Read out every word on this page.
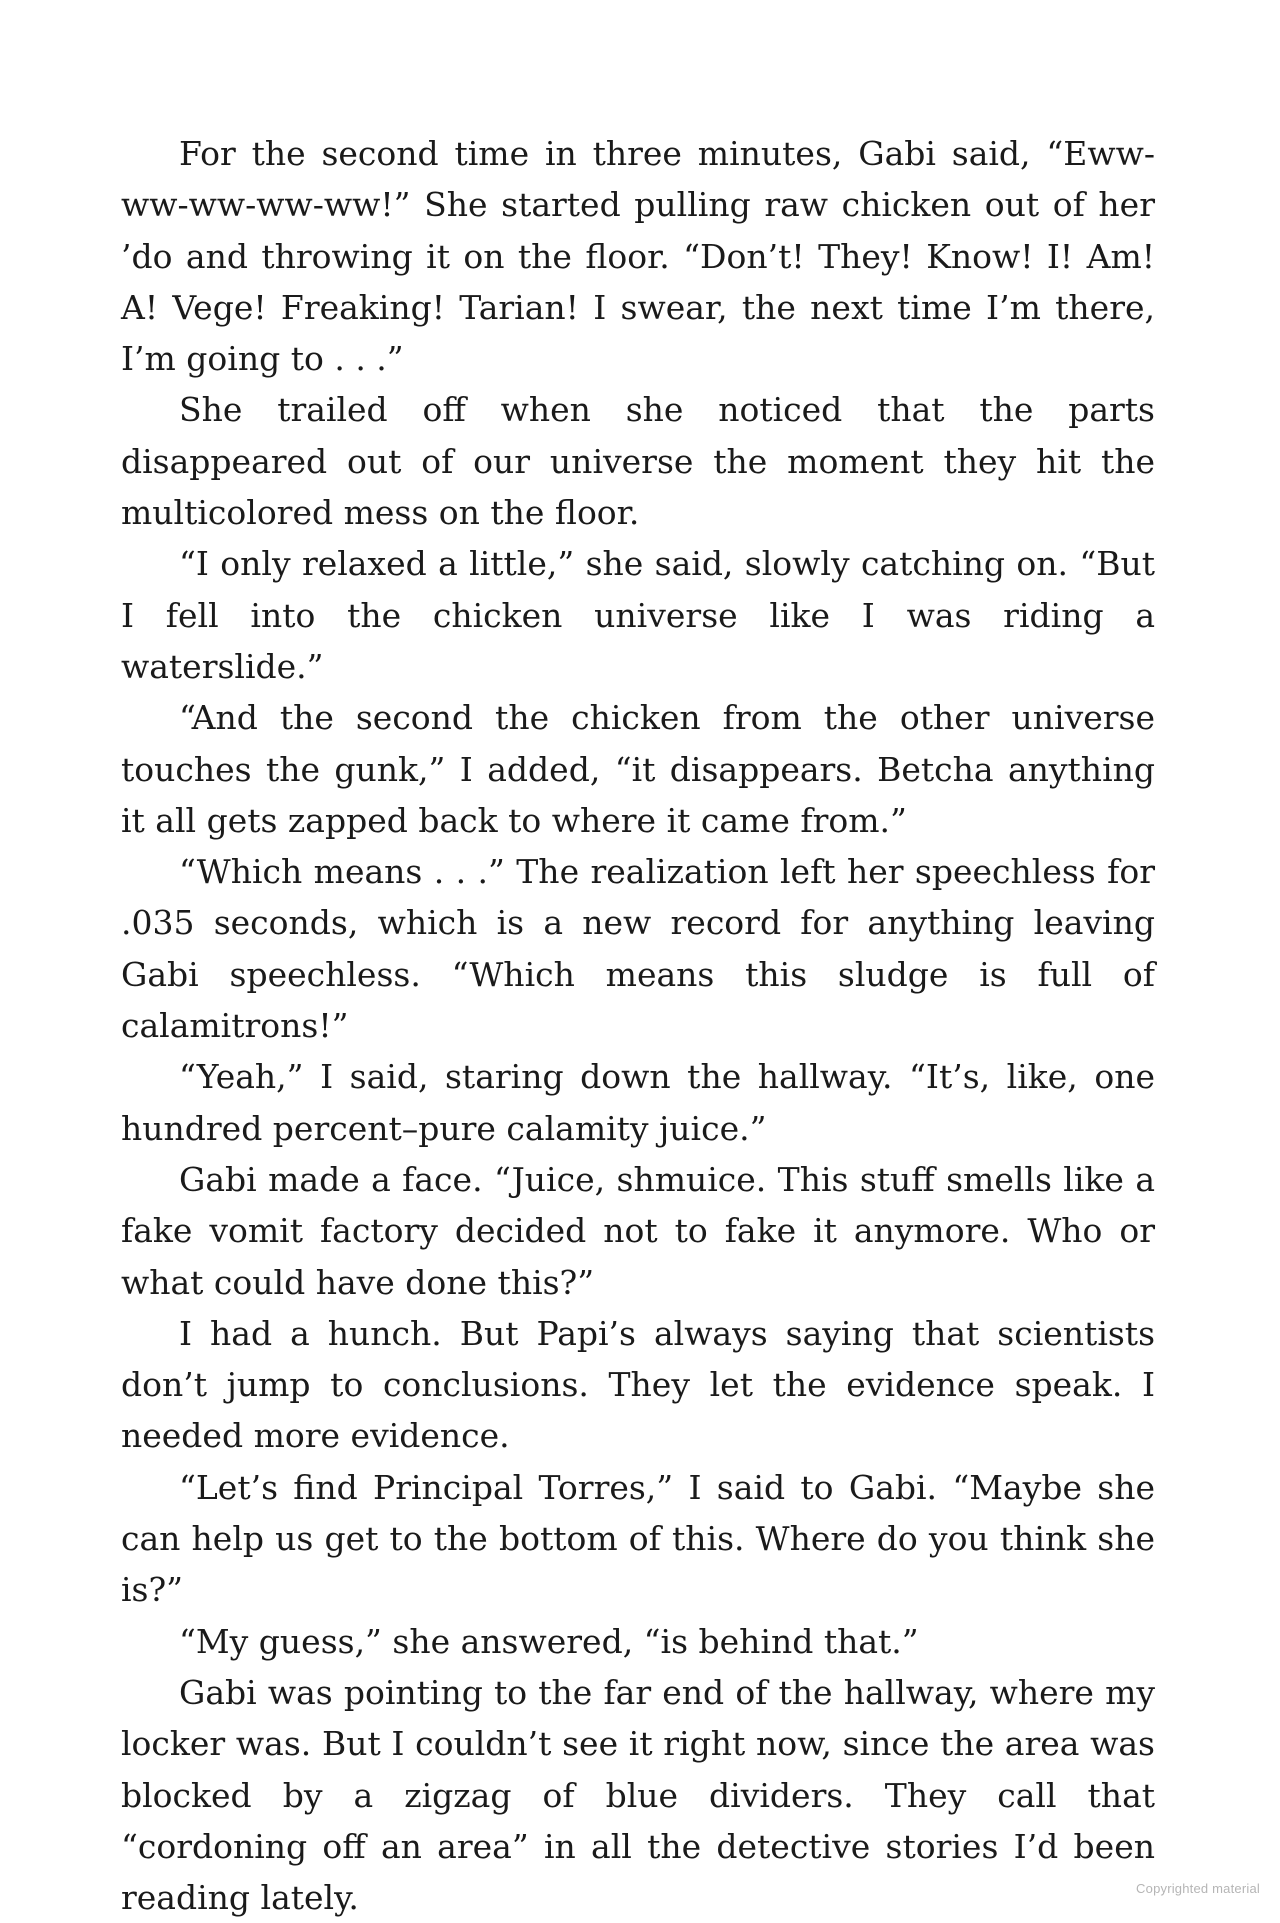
For the second time in three minutes, Gabi said, “Eww-ww-ww-ww-ww!” She started pulling raw chicken out of her ’do and throwing it on the floor. “Don’t! They! Know! I! Am! A! Vege! Freaking! Tarian! I swear, the next time I’m there, I’m going to . . .”

She trailed off when she noticed that the parts disappeared out of our universe the moment they hit the multicolored mess on the floor.

“I only relaxed a little,” she said, slowly catching on. “But I fell into the chicken universe like I was riding a waterslide.”

“And the second the chicken from the other universe touches the gunk,” I added, “it disappears. Betcha anything it all gets zapped back to where it came from.”

“Which means . . .” The realization left her speechless for .035 seconds, which is a new record for anything leaving Gabi speechless. “Which means this sludge is full of calamitrons!”

“Yeah,” I said, staring down the hallway. “It’s, like, one hundred percent–pure calamity juice.”

Gabi made a face. “Juice, shmuice. This stuff smells like a fake vomit factory decided not to fake it anymore. Who or what could have done this?”

I had a hunch. But Papi’s always saying that scientists don’t jump to conclusions. They let the evidence speak. I needed more evidence.

“Let’s find Principal Torres,” I said to Gabi. “Maybe she can help us get to the bottom of this. Where do you think she is?”

“My guess,” she answered, “is behind that.”

Gabi was pointing to the far end of the hallway, where my locker was. But I couldn’t see it right now, since the area was blocked by a zigzag of blue dividers. They call that “cordoning off an area” in all the detective stories I’d been reading lately.	Copyrighted material
